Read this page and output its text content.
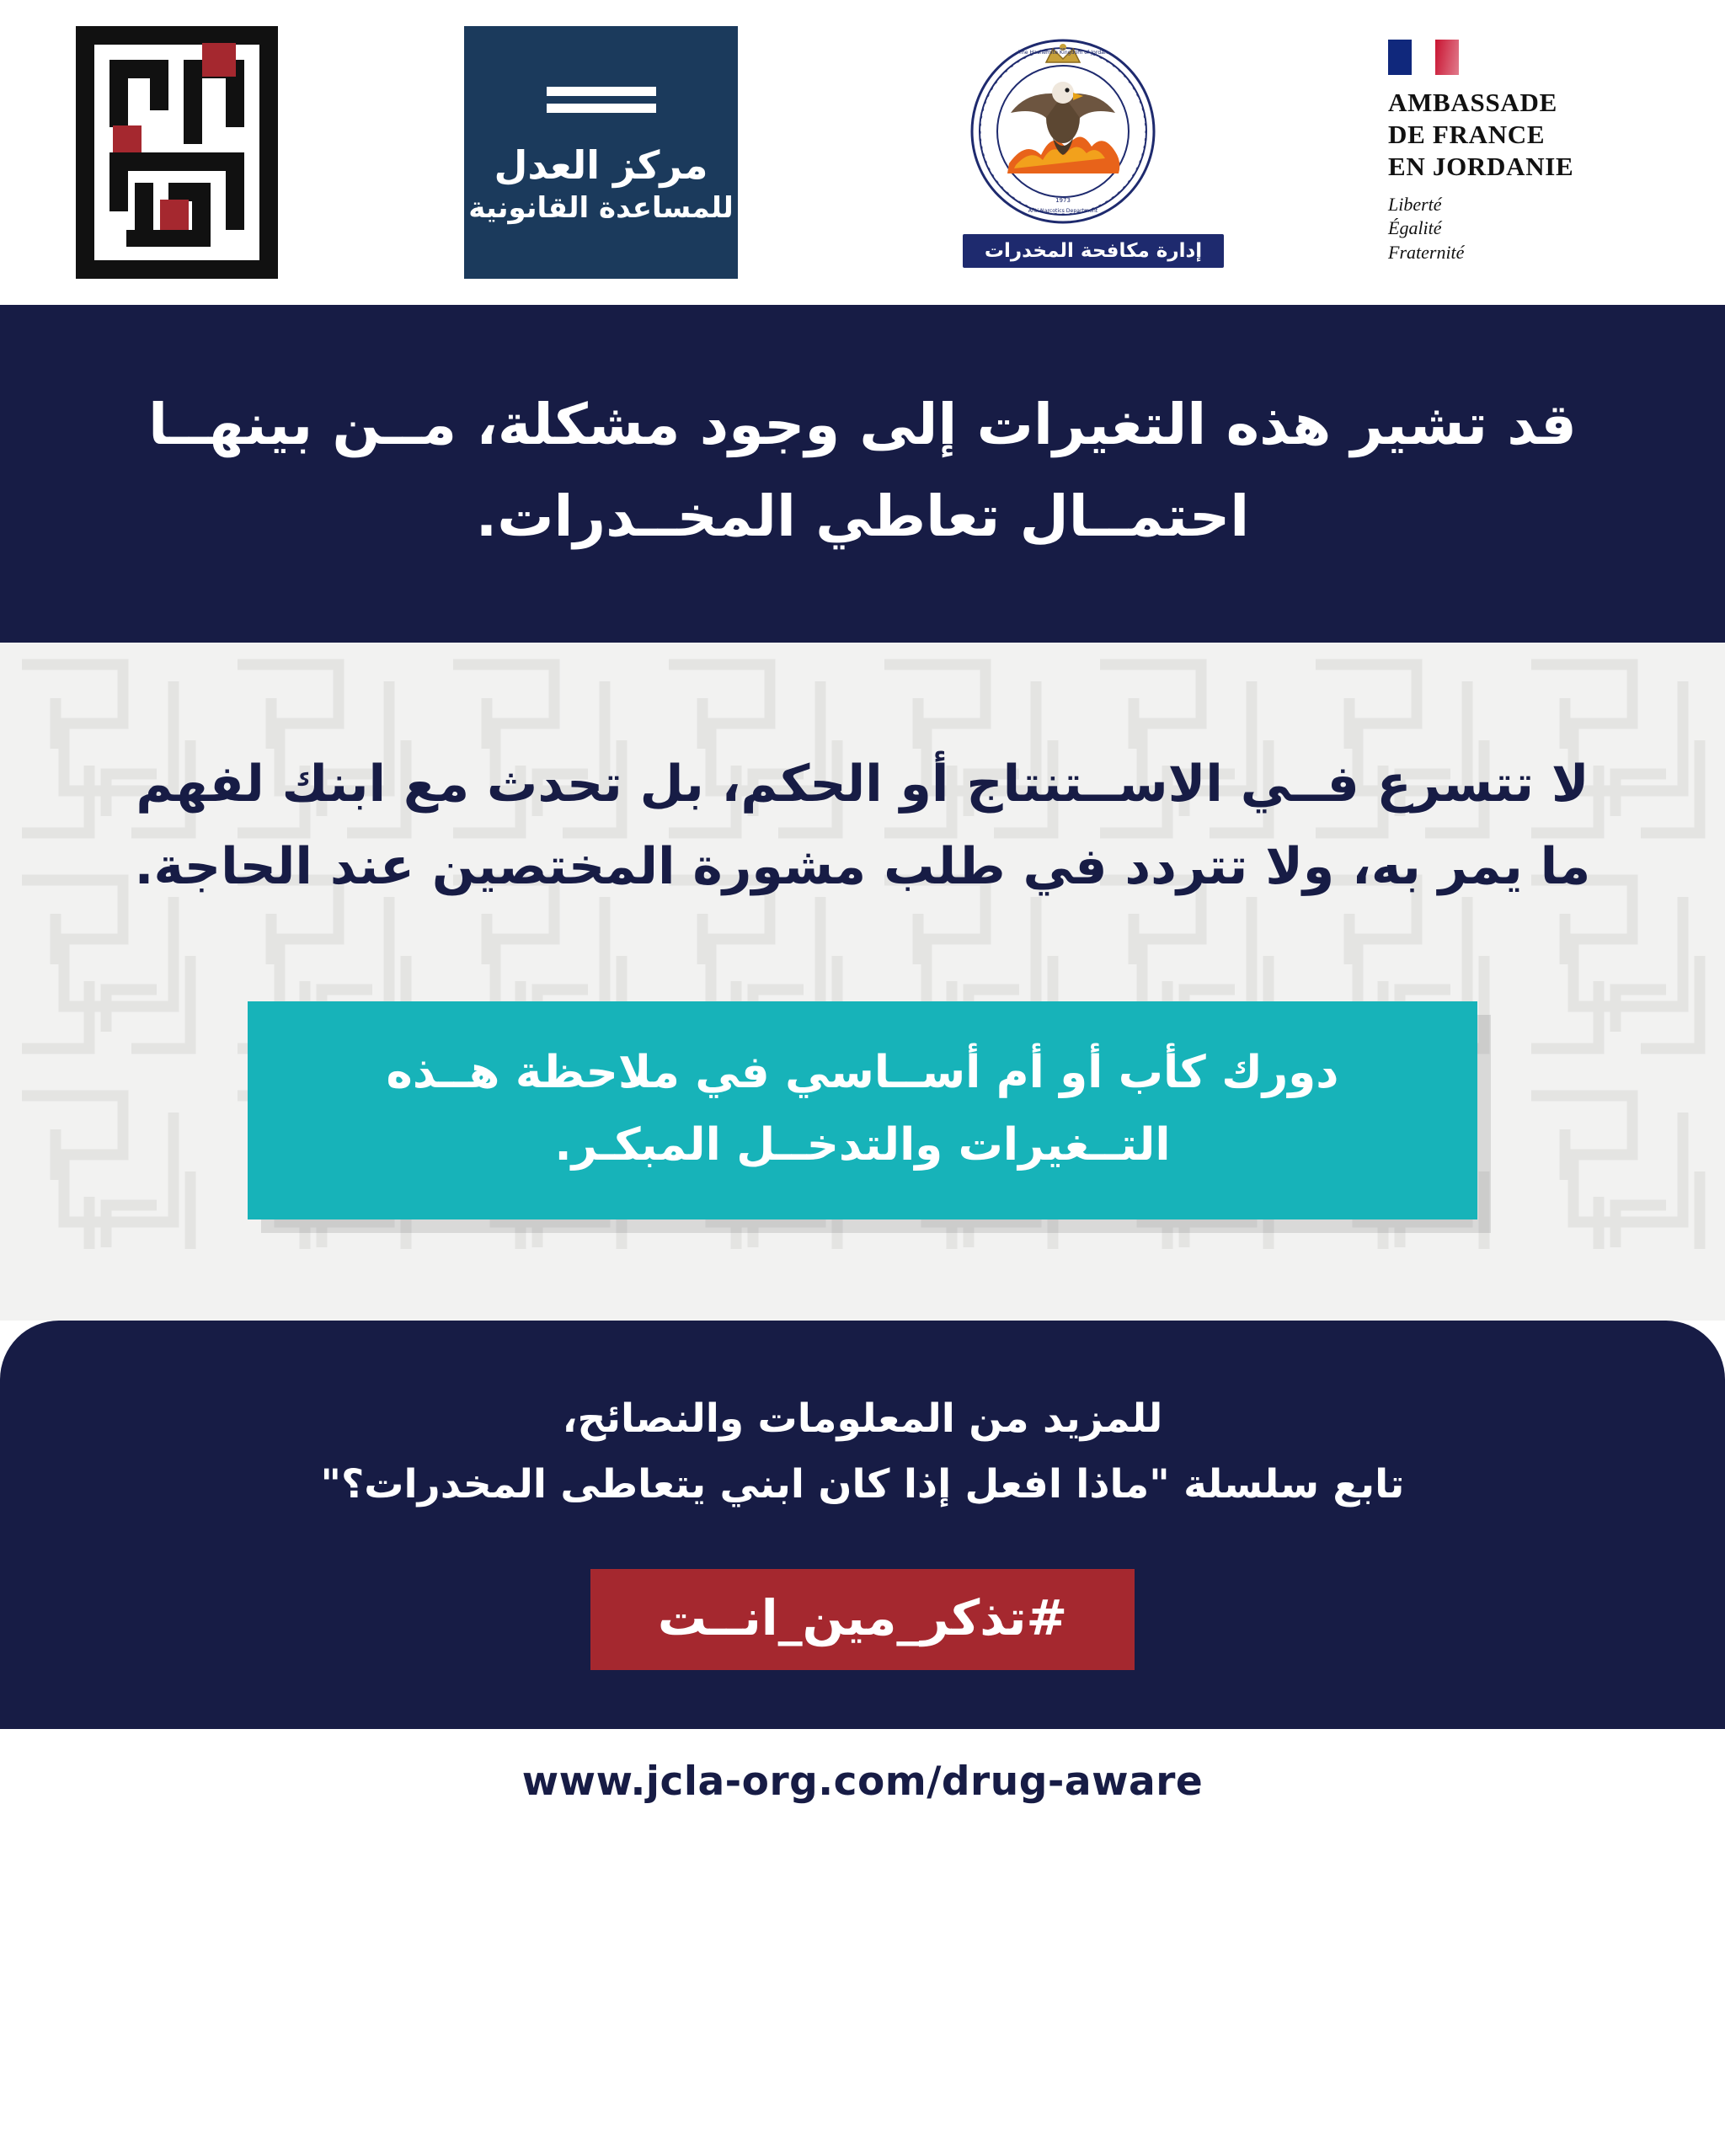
AMBASSADE
DE FRANCE
EN JORDANIE
Liberté
Égalité
Fraternité
1973
The Hashemite Kingdom of Jordan
Anti Narcotics Department
إدارة مكافحة المخدرات
مركز العدل
للمساعدة القانونية

قد تشير هذه التغيرات إلى وجود مشكلة، مــن بينهــا احتمــال تعاطي المخــدرات.

لا تتسرع فــي الاســتنتاج أو الحكم، بل تحدث مع ابنك لفهم ما يمر به، ولا تتردد في طلب مشورة المختصين عند الحاجة.

دورك كأب أو أم أســاسي في ملاحظة هــذه التــغيرات والتدخــل المبكـر.

للمزيد من المعلومات والنصائح،

تابع سلسلة "ماذا افعل إذا كان ابني يتعاطى المخدرات؟"

#تذكر_مين_انــت
www.jcla-org.com/drug-aware
